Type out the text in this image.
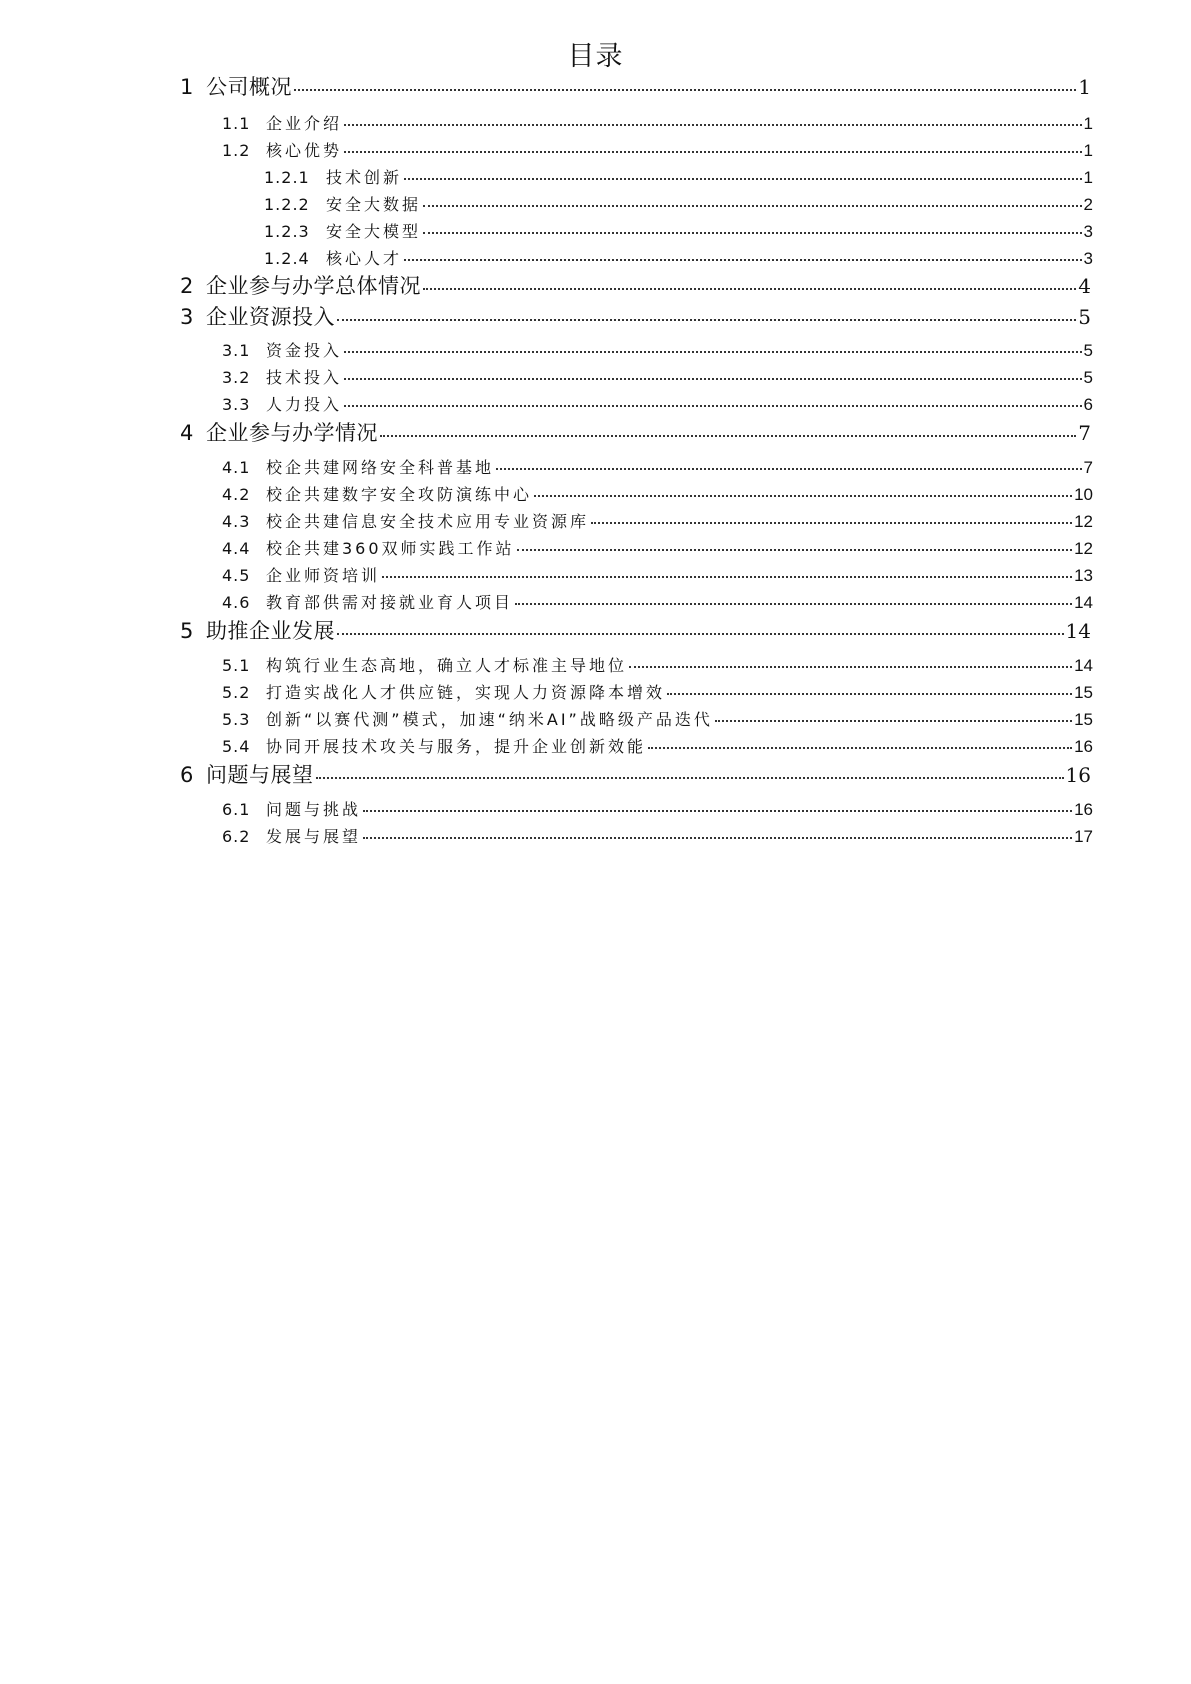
目录
1 公司概况	1
1.1 企业介绍	1
1.2 核心优势	1
1.2.1	技术创新	1
1.2.2	安全大数据	2
1.2.3	安全大模型	3
1.2.4	核心人才	3
2 企业参与办学总体情况	4
3 企业资源投入	5
3.1 资金投入	5
3.2 技术投入	5
3.3 人力投入	6
4 企业参与办学情况	7
4.1 校企共建网络安全科普基地	7
4.2 校企共建数字安全攻防演练中心	10
4.3 校企共建信息安全技术应用专业资源库	12
4.4 校企共建360双师实践工作站	12
4.5 企业师资培训	13
4.6 教育部供需对接就业育人项目	14
5 助推企业发展	14
5.1 构筑行业生态高地，确立人才标准主导地位	14
5.2 打造实战化人才供应链，实现人力资源降本增效	15
5.3 创新“以赛代测”模式，加速“纳米AI”战略级产品迭代	15
5.4 协同开展技术攻关与服务，提升企业创新效能	16
6 问题与展望	16
6.1 问题与挑战	16
6.2 发展与展望	17
